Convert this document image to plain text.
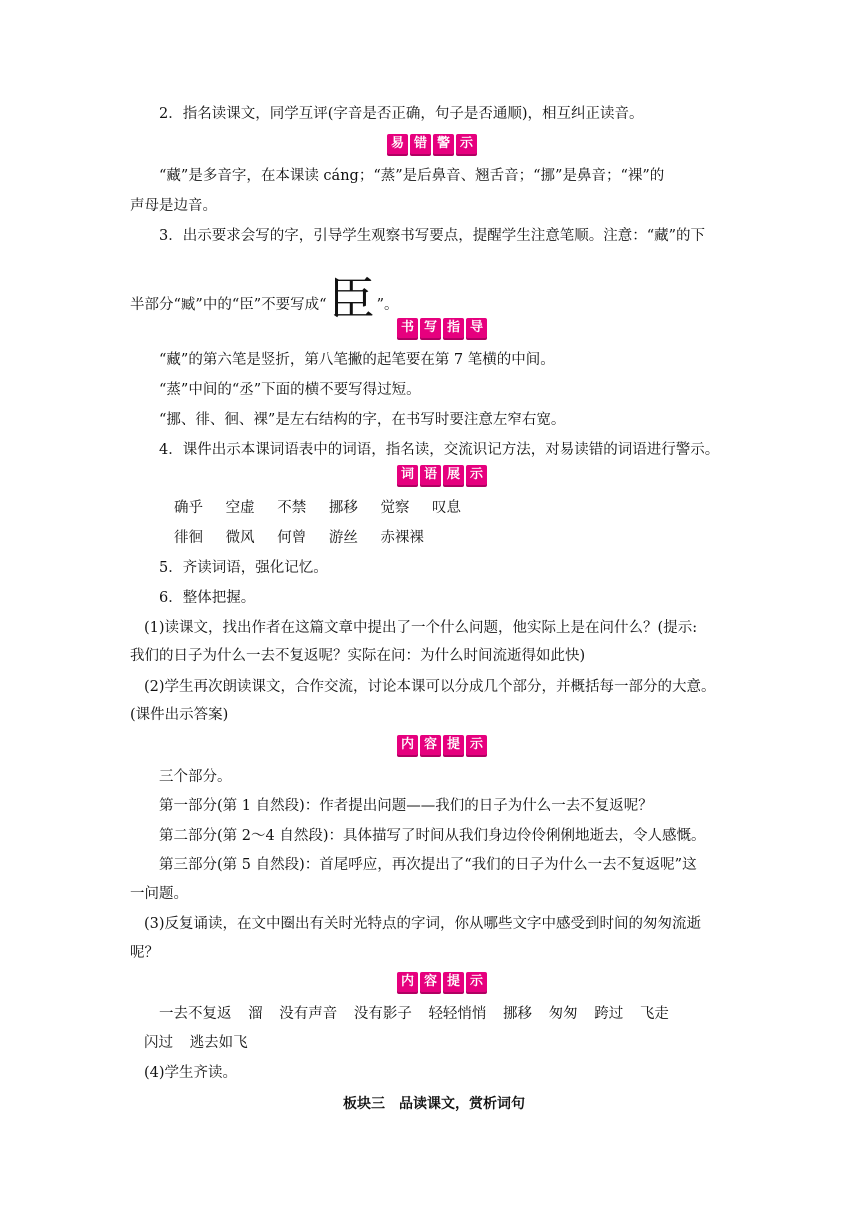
2．指名读课文，同学互评(字音是否正确，句子是否通顺)，相互纠正读音。
易 错 警 示
“藏”是多音字，在本课读 cáng；“蒸”是后鼻音、翘舌音；“挪”是鼻音；“裸”的
声母是边音。
3．出示要求会写的字，引导学生观察书写要点，提醒学生注意笔顺。注意：“藏”的下
半部分“臧”中的“臣”不要写成“臣 ”。
书 写 指 导
“藏”的第六笔是竖折，第八笔撇的起笔要在第 7 笔横的中间。
“蒸”中间的“丞”下面的横不要写得过短。
“挪、徘、徊、裸”是左右结构的字，在书写时要注意左窄右宽。
4．课件出示本课词语表中的词语，指名读，交流识记方法，对易读错的词语进行警示。
词 语 展 示
确乎 空虚 不禁 挪移 觉察 叹息
徘徊 微风 何曾 游丝 赤裸裸
5．齐读词语，强化记忆。
6．整体把握。
(1)读课文，找出作者在这篇文章中提出了一个什么问题，他实际上是在问什么？(提示:
我们的日子为什么一去不复返呢？实际在问：为什么时间流逝得如此快)
(2)学生再次朗读课文，合作交流，讨论本课可以分成几个部分，并概括每一部分的大意。
(课件出示答案)
内 容 提 示
三个部分。
第一部分(第 1 自然段)：作者提出问题——我们的日子为什么一去不复返呢？
第二部分(第 2～4 自然段)：具体描写了时间从我们身边伶伶俐俐地逝去，令人感慨。
第三部分(第 5 自然段)：首尾呼应，再次提出了“我们的日子为什么一去不复返呢”这
一问题。
(3)反复诵读，在文中圈出有关时光特点的字词，你从哪些文字中感受到时间的匆匆流逝
呢？
内 容 提 示
一去不复返 溜 没有声音 没有影子 轻轻悄悄 挪移 匆匆 跨过 飞走
闪过 逃去如飞
(4)学生齐读。
板块三　品读课文，赏析词句
